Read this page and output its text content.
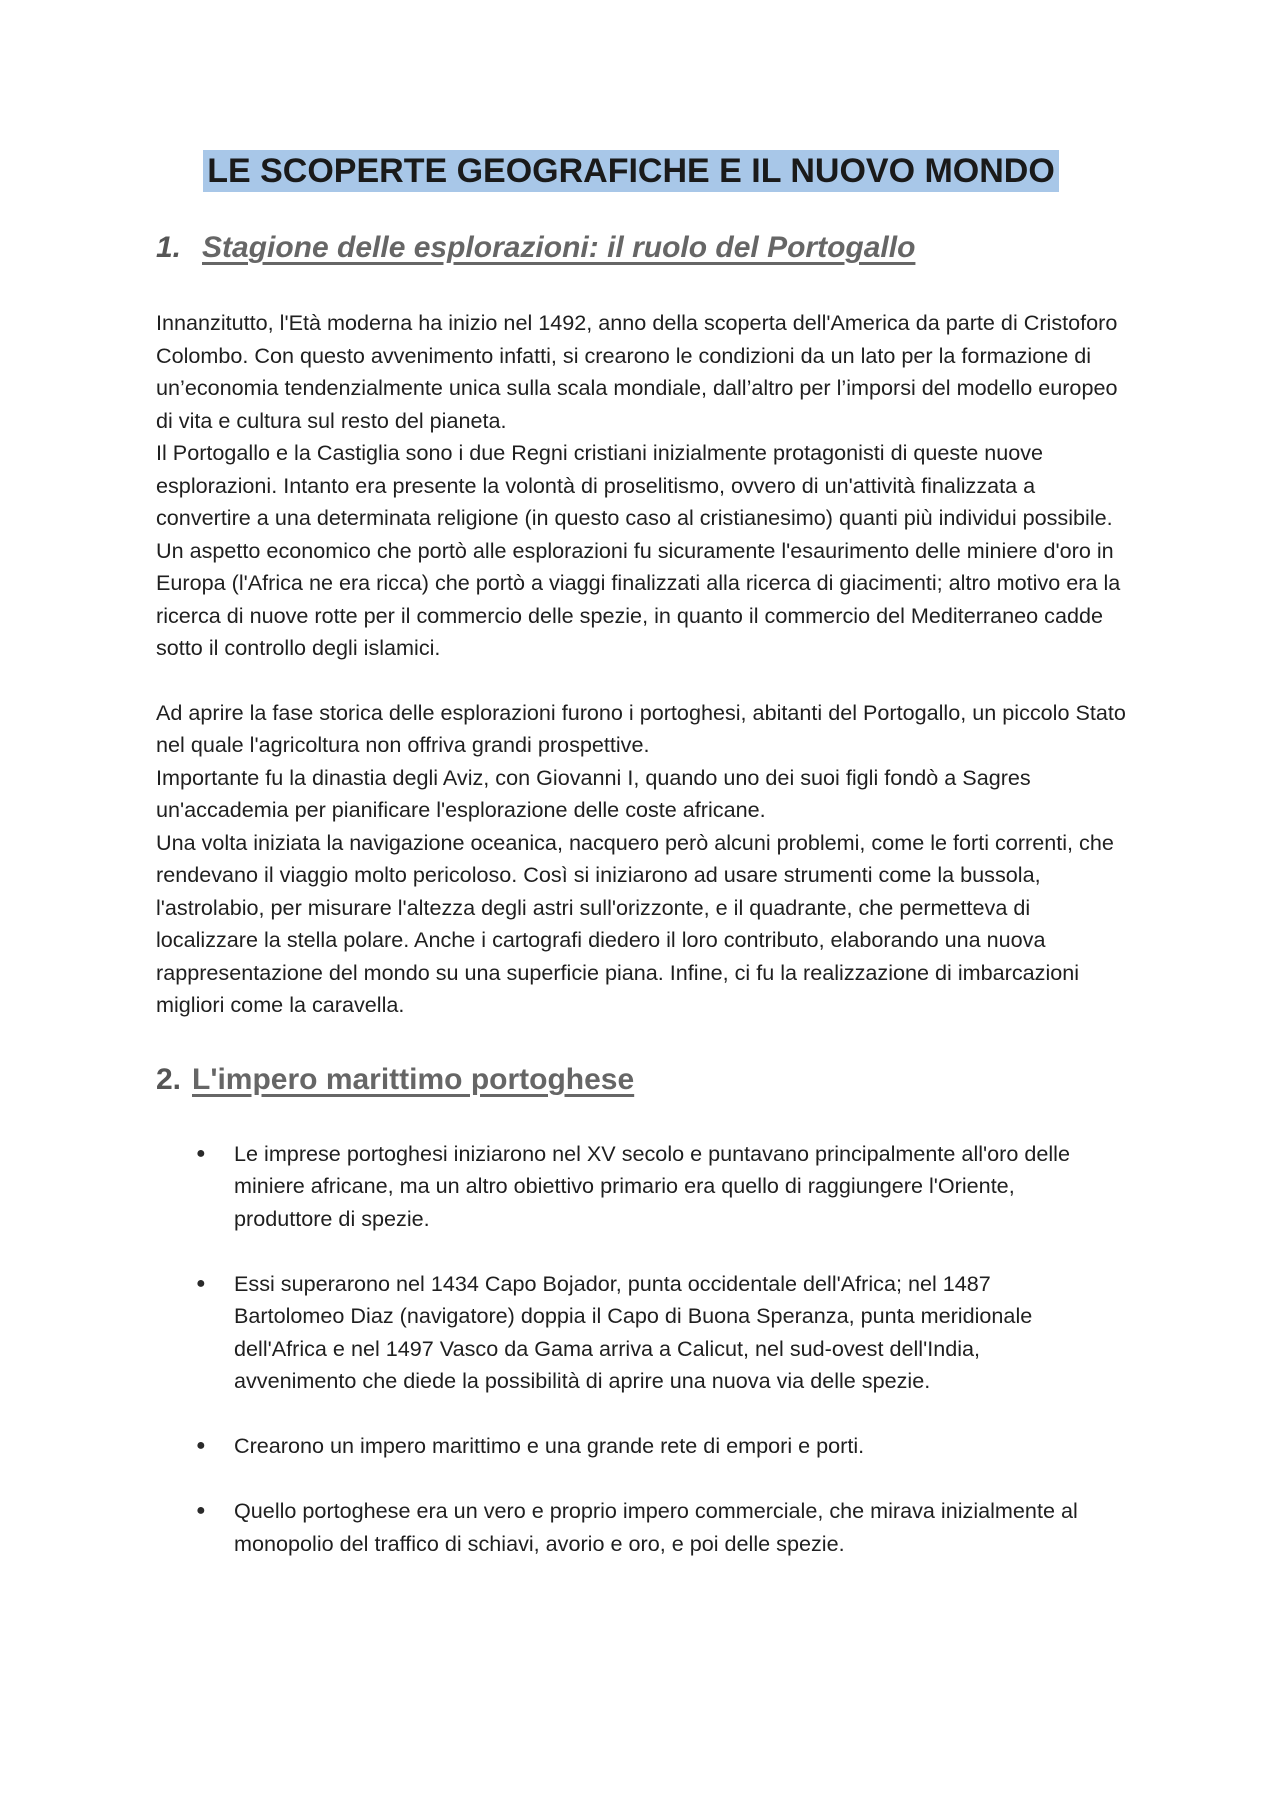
LE SCOPERTE GEOGRAFICHE E IL NUOVO MONDO
1. Stagione delle esplorazioni: il ruolo del Portogallo

Innanzitutto, l'Età moderna ha inizio nel 1492, anno della scoperta dell'America da parte di Cristoforo Colombo. Con questo avvenimento infatti, si crearono le condizioni da un lato per la formazione di un’economia tendenzialmente unica sulla scala mondiale, dall’altro per l’imporsi del modello europeo di vita e cultura sul resto del pianeta.

Il Portogallo e la Castiglia sono i due Regni cristiani inizialmente protagonisti di queste nuove esplorazioni. Intanto era presente la volontà di proselitismo, ovvero di un'attività finalizzata a convertire a una determinata religione (in questo caso al cristianesimo) quanti più individui possibile.

Un aspetto economico che portò alle esplorazioni fu sicuramente l'esaurimento delle miniere d'oro in Europa (l'Africa ne era ricca) che portò a viaggi finalizzati alla ricerca di giacimenti; altro motivo era la ricerca di nuove rotte per il commercio delle spezie, in quanto il commercio del Mediterraneo cadde sotto il controllo degli islamici.

Ad aprire la fase storica delle esplorazioni furono i portoghesi, abitanti del Portogallo, un piccolo Stato nel quale l'agricoltura non offriva grandi prospettive.

Importante fu la dinastia degli Aviz, con Giovanni I, quando uno dei suoi figli fondò a Sagres un'accademia per pianificare l'esplorazione delle coste africane.

Una volta iniziata la navigazione oceanica, nacquero però alcuni problemi, come le forti correnti, che rendevano il viaggio molto pericoloso. Così si iniziarono ad usare strumenti come la bussola, l'astrolabio, per misurare l'altezza degli astri sull'orizzonte, e il quadrante, che permetteva di localizzare la stella polare. Anche i cartografi diedero il loro contributo, elaborando una nuova rappresentazione del mondo su una superficie piana. Infine, ci fu la realizzazione di imbarcazioni migliori come la caravella.

2. L'impero marittimo portoghese
● Le imprese portoghesi iniziarono nel XV secolo e puntavano principalmente all'oro delle miniere africane, ma un altro obiettivo primario era quello di raggiungere l'Oriente, produttore di spezie.
● Essi superarono nel 1434 Capo Bojador, punta occidentale dell'Africa; nel 1487 Bartolomeo Diaz (navigatore) doppia il Capo di Buona Speranza, punta meridionale dell'Africa e nel 1497 Vasco da Gama arriva a Calicut, nel sud-ovest dell'India, avvenimento che diede la possibilità di aprire una nuova via delle spezie.
● Crearono un impero marittimo e una grande rete di empori e porti.
● Quello portoghese era un vero e proprio impero commerciale, che mirava inizialmente al monopolio del traffico di schiavi, avorio e oro, e poi delle spezie.
